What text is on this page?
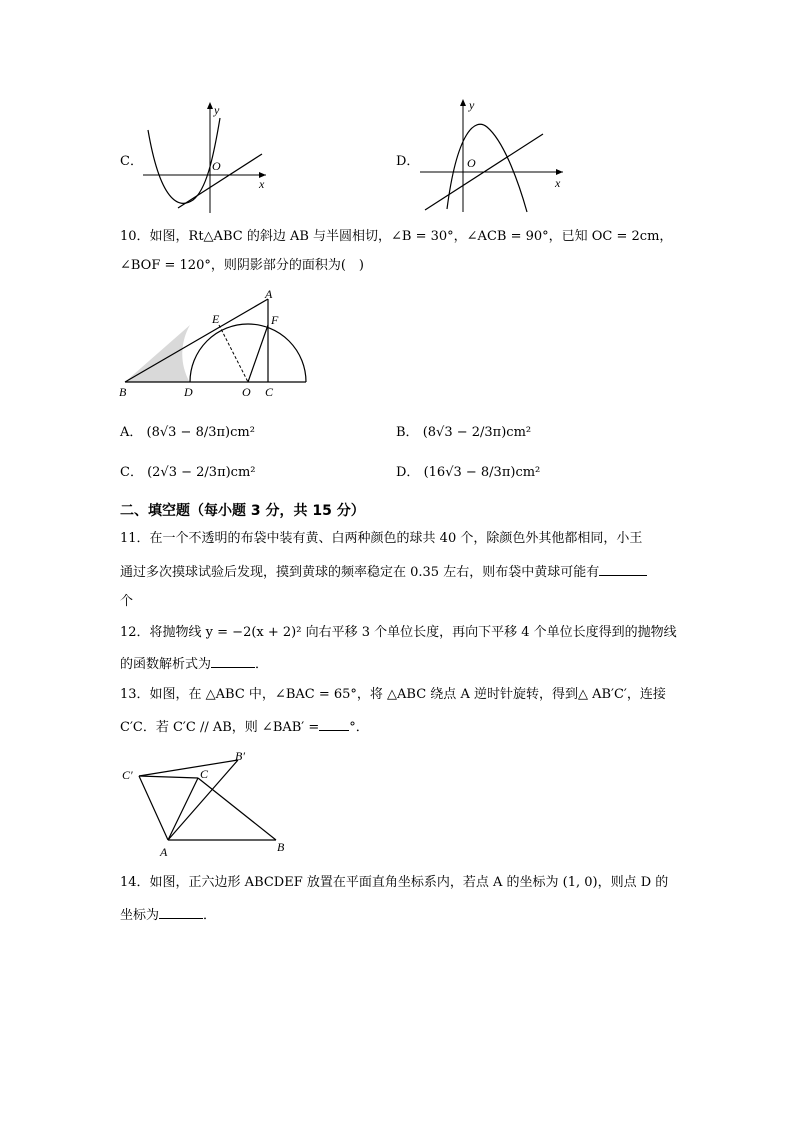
C．
y
x
O	D．
y
x
O
10．如图，Rt△ABC 的斜边 AB 与半圆相切，∠B = 30°，∠ACB = 90°，已知 OC = 2cm，
∠BOF = 120°，则阴影部分的面积为(　)
A
B	D
E	F
O C
A． (8√3 − 8/3π)cm²	B． (8√3 − 2/3π)cm²
C． (2√3 − 2/3π)cm²	D． (16√3 − 8/3π)cm²
二、填空题（每小题 3 分，共 15 分）
11．在一个不透明的布袋中装有黄、白两种颜色的球共 40 个，除颜色外其他都相同，小王
通过多次摸球试验后发现，摸到黄球的频率稳定在 0.35 左右，则布袋中黄球可能有
个
12．将抛物线 y = −2(x + 2)² 向右平移 3 个单位长度，再向下平移 4 个单位长度得到的抛物线
的函数解析式为	．
13．如图，在 △ABC 中，∠BAC = 65°，将 △ABC 绕点 A 逆时针旋转，得到△ AB′C′，连接
C′C．若 C′C // AB，则 ∠BAB′ = °．
C′	C
B′
A	B
14．如图，正六边形 ABCDEF 放置在平面直角坐标系内，若点 A 的坐标为 (1, 0)，则点 D 的
坐标为	．
